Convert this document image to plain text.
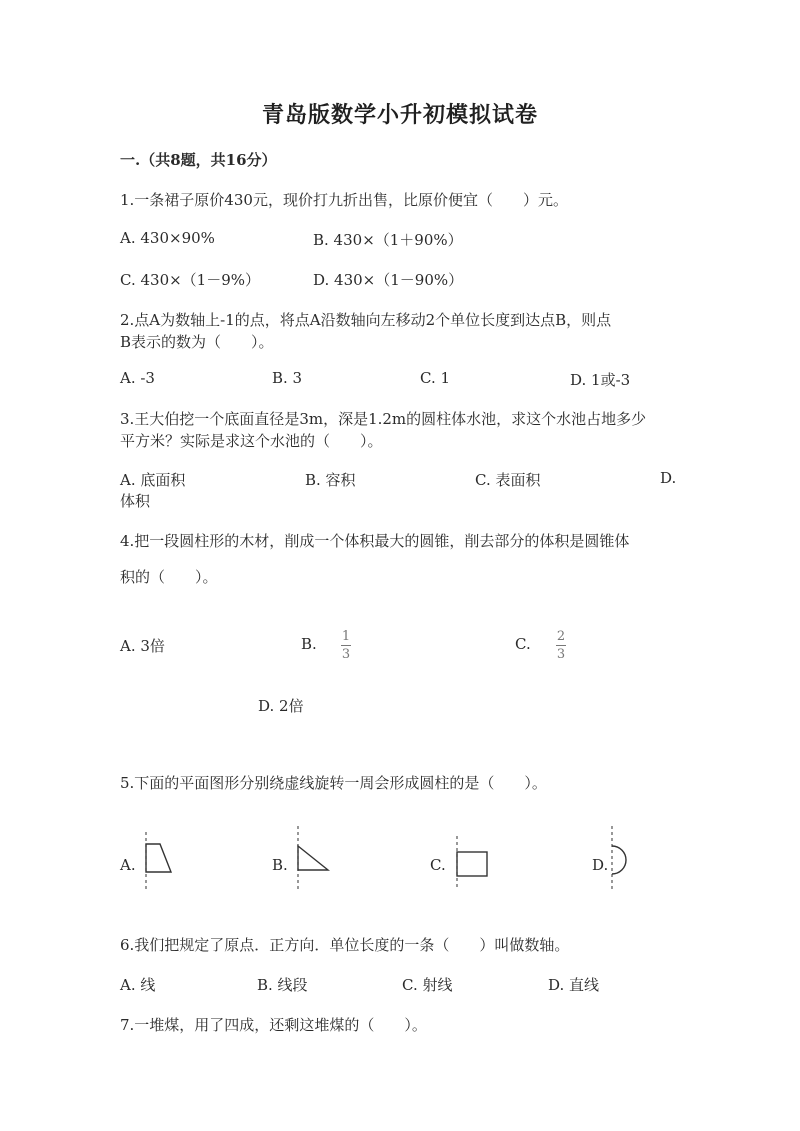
青岛版数学小升初模拟试卷
一.（共8题，共16分）
1.一条裙子原价430元，现价打九折出售，比原价便宜（　　）元。
A. 430×90%	B. 430×（1＋90%）
C. 430×（1－9%）	D. 430×（1－90%）
2.点A为数轴上-1的点，将点A沿数轴向左移动2个单位长度到达点B，则点
B表示的数为（　　）。
A. -3	B. 3	C. 1	D. 1或-3
3.王大伯挖一个底面直径是3m，深是1.2m的圆柱体水池，求这个水池占地多少
平方米？实际是求这个水池的（　　）。
A. 底面积	B. 容积	C. 表面积	D.
体积
4.把一段圆柱形的木材，削成一个体积最大的圆锥，削去部分的体积是圆锥体
积的（　　）。
A. 3倍	B. 1
3
C. 2
3
D. 2倍
5.下面的平面图形分别绕虚线旋转一周会形成圆柱的是（　　）。
A.	B.	C.	D.
6.我们把规定了原点．正方向．单位长度的一条（　　）叫做数轴。
A. 线	B. 线段	C. 射线	D. 直线
7.一堆煤，用了四成，还剩这堆煤的（　　）。
